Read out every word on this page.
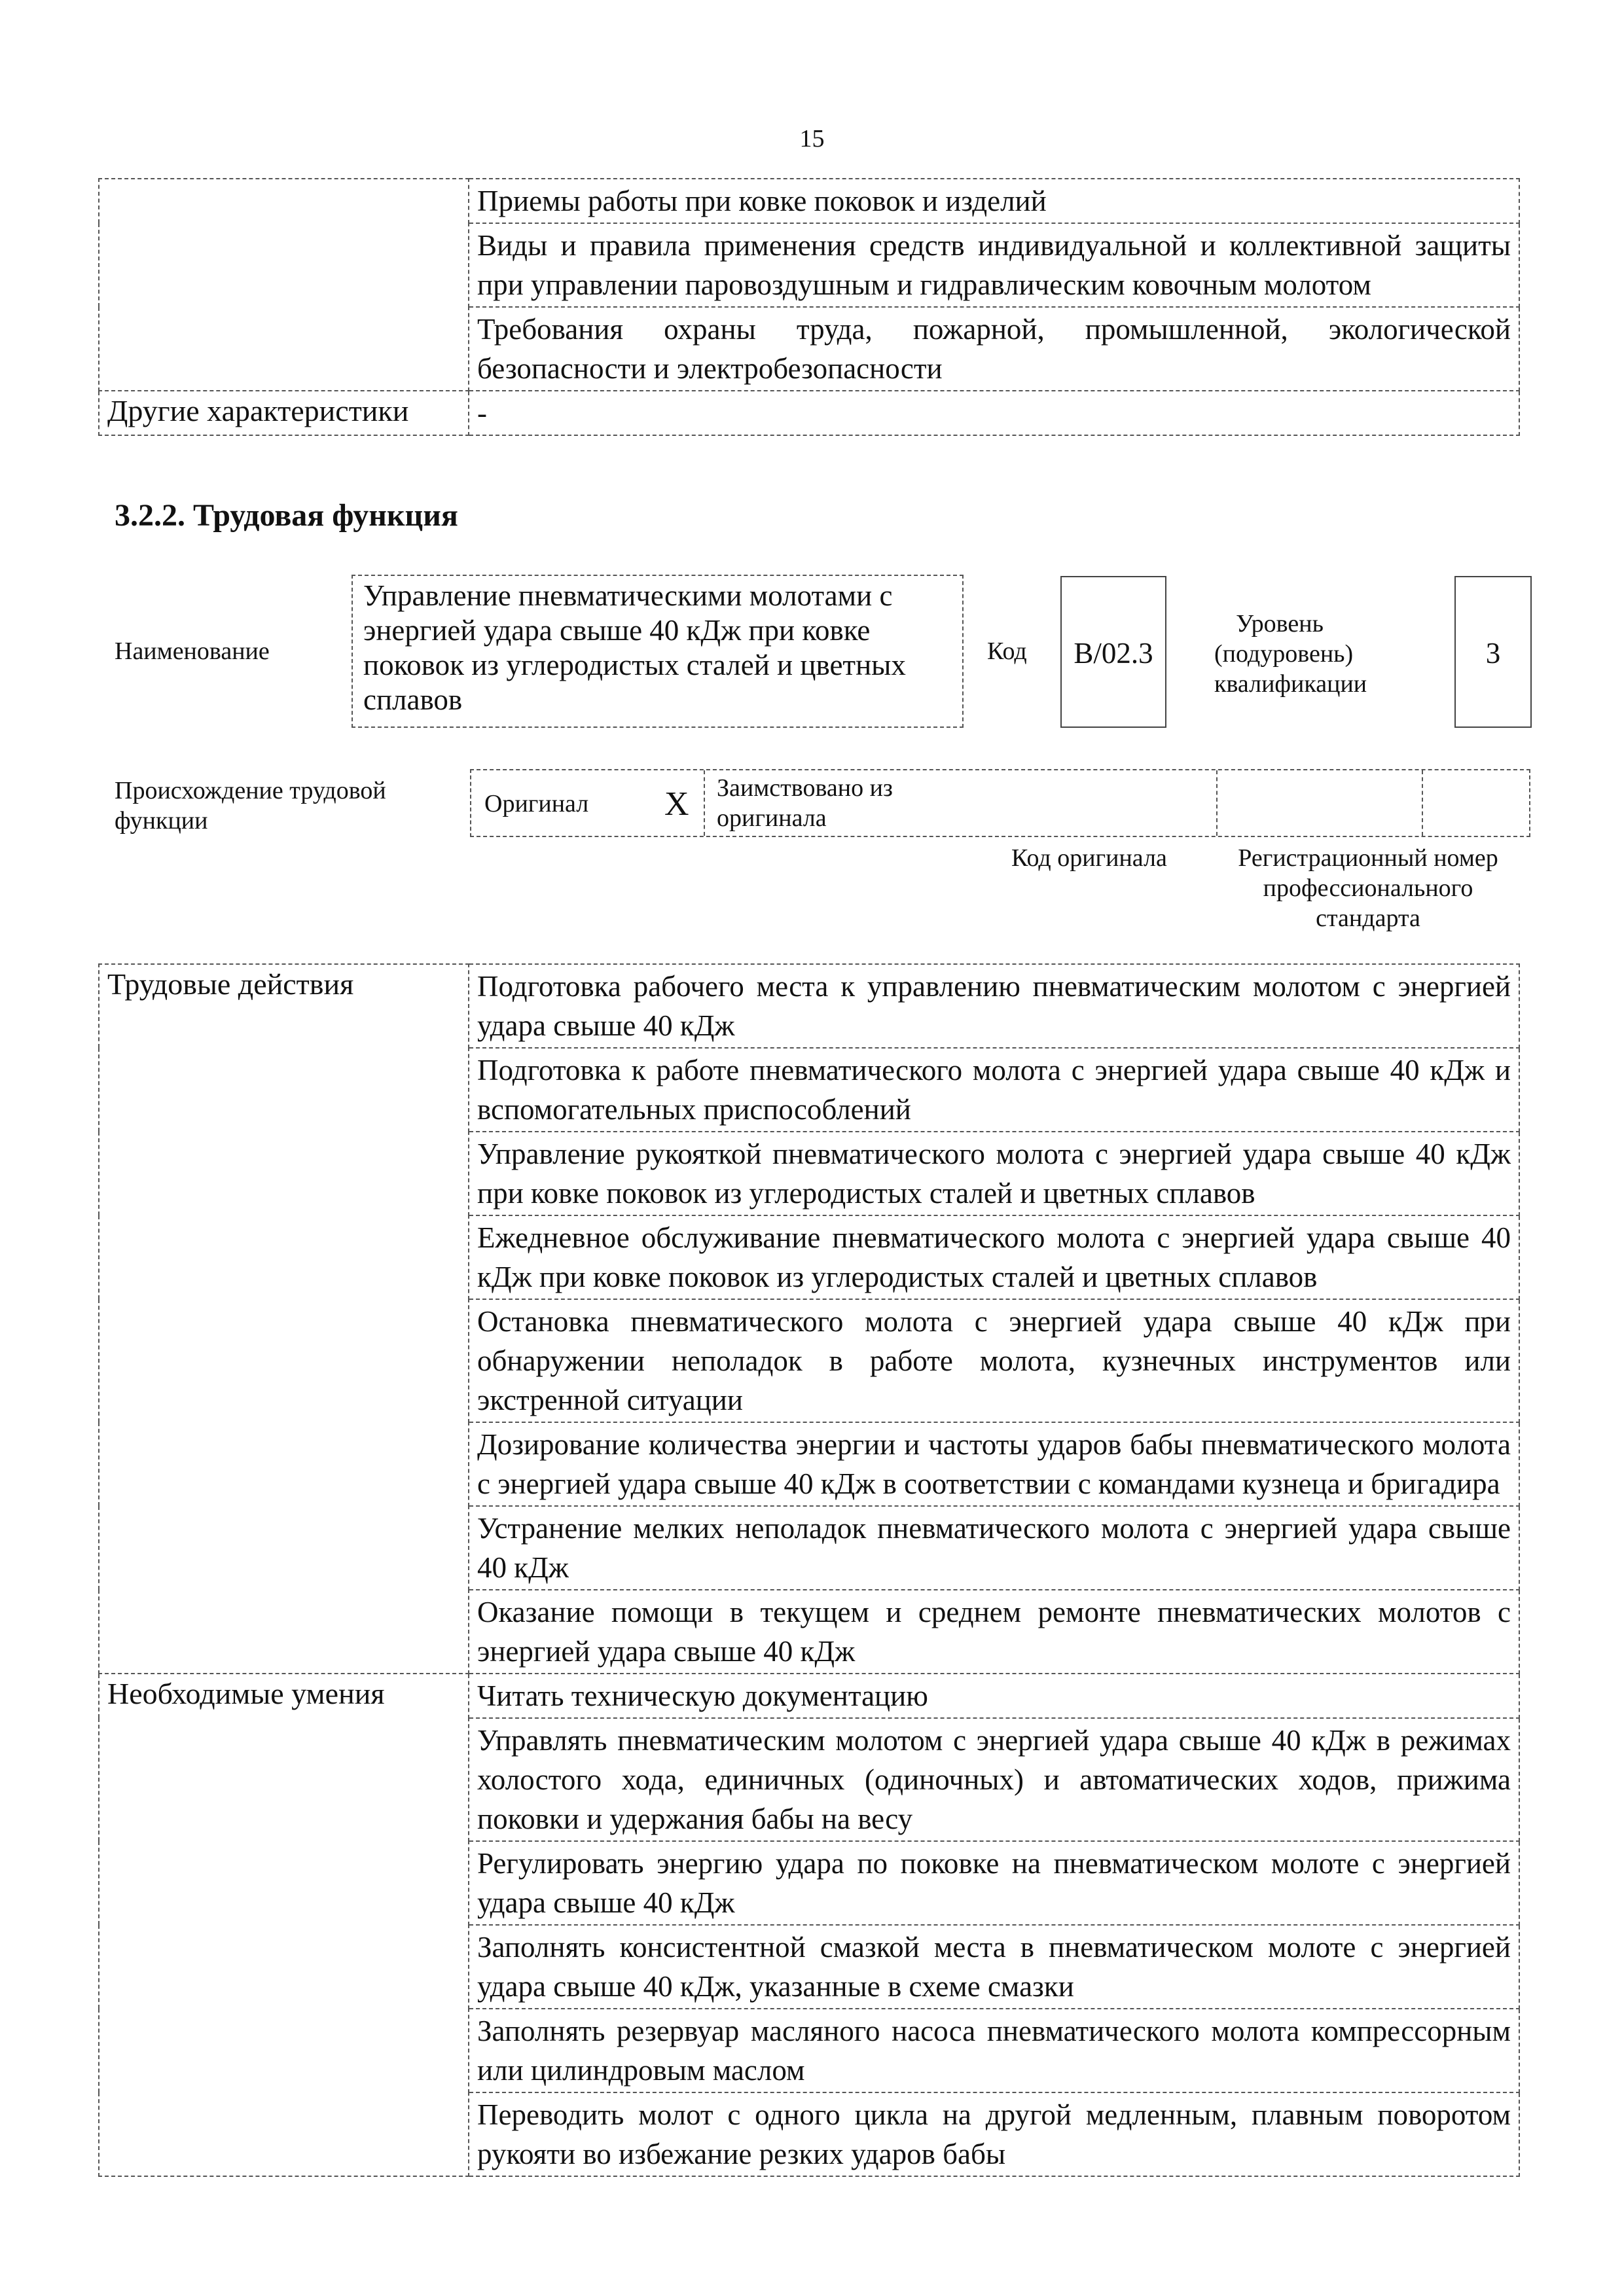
15
	Приемы работы при ковке поковок и изделий
	Виды и правила применения средств индивидуальной и коллективной защиты при управлении паровоздушным и гидравлическим ковочным молотом
	Требования охраны труда, пожарной, промышленной, экологической безопасности и электробезопасности
Другие характеристики	-
3.2.2. Трудовая функция
Наименование
Управление пневматическими молотами с энергией удара свыше 40 кДж при ковке поковок из углеродистых сталей и цветных сплавов
Код	B/02.3
Уровень (подуровень) квалификации
3
Происхождение трудовой функции
Оригинал X Заимствовано из оригинала
Код оригинала	Регистрационный номер профессионального стандарта
Трудовые действия	Подготовка рабочего места к управлению пневматическим молотом с энергией удара свыше 40 кДж
	Подготовка к работе пневматического молота с энергией удара свыше 40 кДж и вспомогательных приспособлений
	Управление рукояткой пневматического молота с энергией удара свыше 40 кДж при ковке поковок из углеродистых сталей и цветных сплавов
	Ежедневное обслуживание пневматического молота с энергией удара свыше 40 кДж при ковке поковок из углеродистых сталей и цветных сплавов
	Остановка пневматического молота с энергией удара свыше 40 кДж при обнаружении неполадок в работе молота, кузнечных инструментов или экстренной ситуации
	Дозирование количества энергии и частоты ударов бабы пневматического молота с энергией удара свыше 40 кДж в соответствии с командами кузнеца и бригадира
	Устранение мелких неполадок пневматического молота с энергией удара свыше 40 кДж
	Оказание помощи в текущем и среднем ремонте пневматических молотов с энергией удара свыше 40 кДж
Необходимые умения	Читать техническую документацию
	Управлять пневматическим молотом с энергией удара свыше 40 кДж в режимах холостого хода, единичных (одиночных) и автоматических ходов, прижима поковки и удержания бабы на весу
	Регулировать энергию удара по поковке на пневматическом молоте с энергией удара свыше 40 кДж
	Заполнять консистентной смазкой места в пневматическом молоте с энергией удара свыше 40 кДж, указанные в схеме смазки
	Заполнять резервуар масляного насоса пневматического молота компрессорным или цилиндровым маслом
	Переводить молот с одного цикла на другой медленным, плавным поворотом рукояти во избежание резких ударов бабы
